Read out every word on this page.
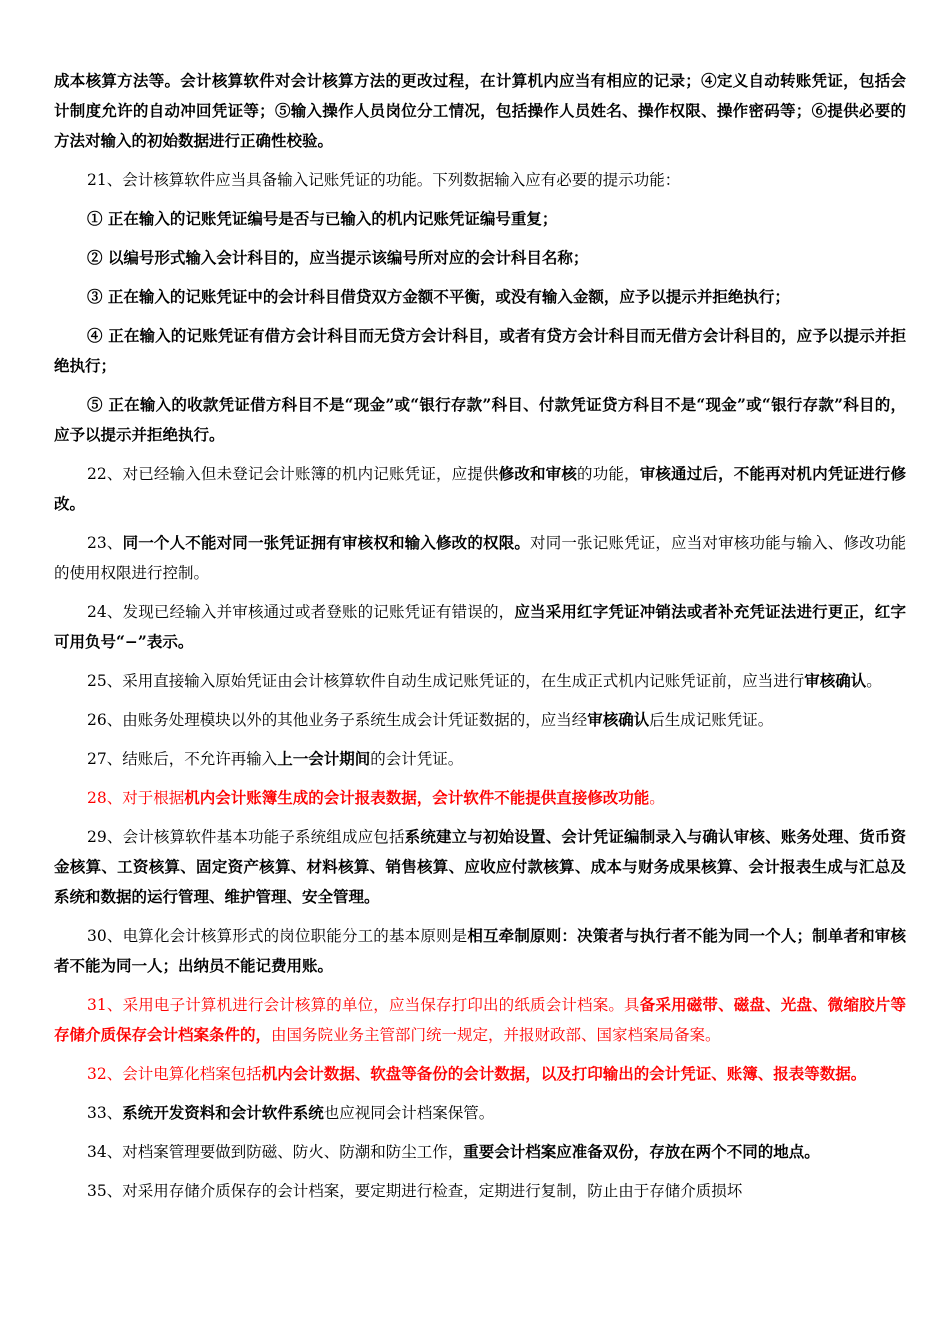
成本核算方法等。会计核算软件对会计核算方法的更改过程，在计算机内应当有相应的记录；④定义自动转账凭证，包括会计制度允许的自动冲回凭证等；⑤输入操作人员岗位分工情况，包括操作人员姓名、操作权限、操作密码等；⑥提供必要的方法对输入的初始数据进行正确性校验。

21、会计核算软件应当具备输入记账凭证的功能。下列数据输入应有必要的提示功能：

① 正在输入的记账凭证编号是否与已输入的机内记账凭证编号重复；

② 以编号形式输入会计科目的，应当提示该编号所对应的会计科目名称；

③ 正在输入的记账凭证中的会计科目借贷双方金额不平衡，或没有输入金额，应予以提示并拒绝执行；

④ 正在输入的记账凭证有借方会计科目而无贷方会计科目，或者有贷方会计科目而无借方会计科目的，应予以提示并拒绝执行；

⑤ 正在输入的收款凭证借方科目不是“现金”或“银行存款”科目、付款凭证贷方科目不是“现金”或“银行存款”科目的，应予以提示并拒绝执行。

22、对已经输入但未登记会计账簿的机内记账凭证，应提供修改和审核的功能，审核通过后，不能再对机内凭证进行修改。

23、同一个人不能对同一张凭证拥有审核权和输入修改的权限。对同一张记账凭证，应当对审核功能与输入、修改功能的使用权限进行控制。

24、发现已经输入并审核通过或者登账的记账凭证有错误的，应当采用红字凭证冲销法或者补充凭证法进行更正，红字可用负号“−”表示。

25、采用直接输入原始凭证由会计核算软件自动生成记账凭证的，在生成正式机内记账凭证前，应当进行审核确认。

26、由账务处理模块以外的其他业务子系统生成会计凭证数据的，应当经审核确认后生成记账凭证。

27、结账后，不允许再输入上一会计期间的会计凭证。

28、对于根据机内会计账簿生成的会计报表数据，会计软件不能提供直接修改功能。

29、会计核算软件基本功能子系统组成应包括系统建立与初始设置、会计凭证编制录入与确认审核、账务处理、货币资金核算、工资核算、固定资产核算、材料核算、销售核算、应收应付款核算、成本与财务成果核算、会计报表生成与汇总及系统和数据的运行管理、维护管理、安全管理。

30、电算化会计核算形式的岗位职能分工的基本原则是相互牵制原则：决策者与执行者不能为同一个人；制单者和审核者不能为同一人；出纳员不能记费用账。

31、采用电子计算机进行会计核算的单位，应当保存打印出的纸质会计档案。具备采用磁带、磁盘、光盘、微缩胶片等存储介质保存会计档案条件的，由国务院业务主管部门统一规定，并报财政部、国家档案局备案。

32、会计电算化档案包括机内会计数据、软盘等备份的会计数据，以及打印输出的会计凭证、账簿、报表等数据。

33、系统开发资料和会计软件系统也应视同会计档案保管。

34、对档案管理要做到防磁、防火、防潮和防尘工作，重要会计档案应准备双份，存放在两个不同的地点。

35、对采用存储介质保存的会计档案，要定期进行检查，定期进行复制，防止由于存储介质损坏
